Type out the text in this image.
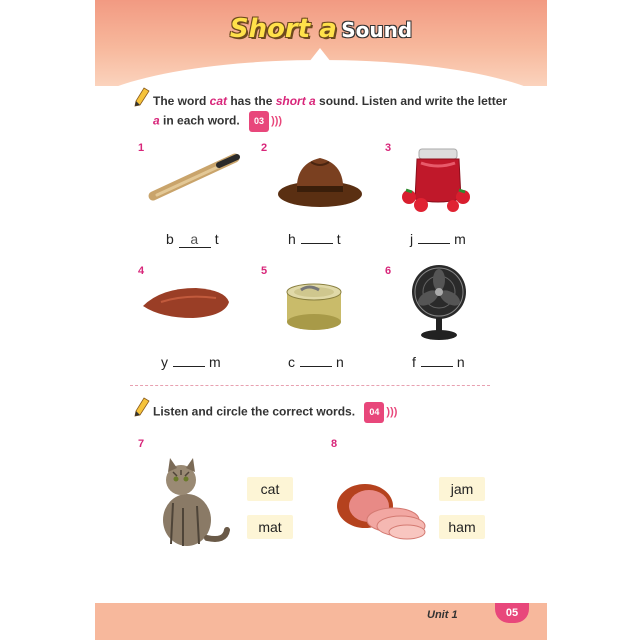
Short a Sound
The word cat has the short a sound. Listen and write the letter a in each word. 03 )))
1	2	3
b a t	h	t	j	m
4	5	6
y	m	c	n	f	n
Listen and circle the correct words. 04 )))
7	8
cat
mat
jam
ham
Unit 1	05
